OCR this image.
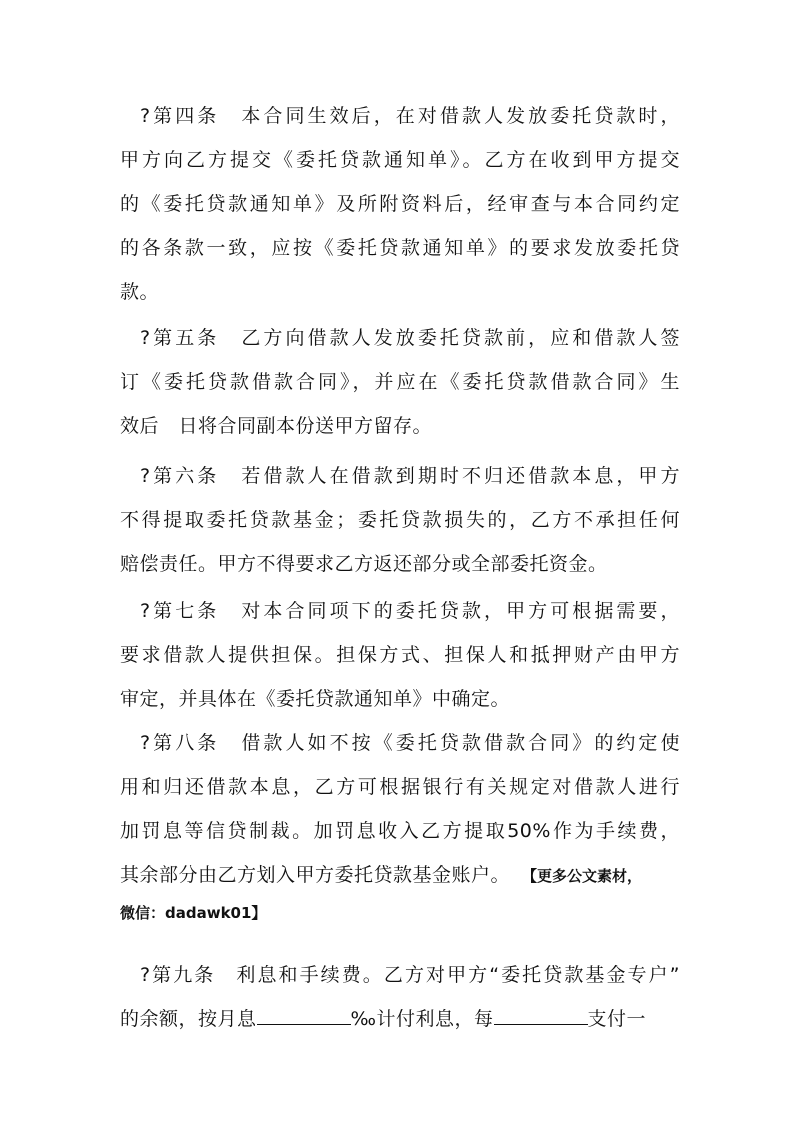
?第四条　本合同生效后，在对借款人发放委托贷款时，
甲方向乙方提交《委托贷款通知单》。乙方在收到甲方提交
的《委托贷款通知单》及所附资料后，经审查与本合同约定
的各条款一致，应按《委托贷款通知单》的要求发放委托贷
款。
?第五条　乙方向借款人发放委托贷款前，应和借款人签
订《委托贷款借款合同》，并应在《委托贷款借款合同》生
效后　日将合同副本份送甲方留存。
?第六条　若借款人在借款到期时不归还借款本息，甲方
不得提取委托贷款基金；委托贷款损失的，乙方不承担任何
赔偿责任。甲方不得要求乙方返还部分或全部委托资金。
?第七条　对本合同项下的委托贷款，甲方可根据需要，
要求借款人提供担保。担保方式、担保人和抵押财产由甲方
审定，并具体在《委托贷款通知单》中确定。
?第八条　借款人如不按《委托贷款借款合同》的约定使
用和归还借款本息，乙方可根据银行有关规定对借款人进行
加罚息等信贷制裁。加罚息收入乙方提取50%作为手续费，
其余部分由乙方划入甲方委托贷款基金账户。 【更多公文素材，
微信：dadawk01】
?第九条　利息和手续费。乙方对甲方“委托贷款基金专户”
的余额，按月息	‰计付利息，每	支付一
